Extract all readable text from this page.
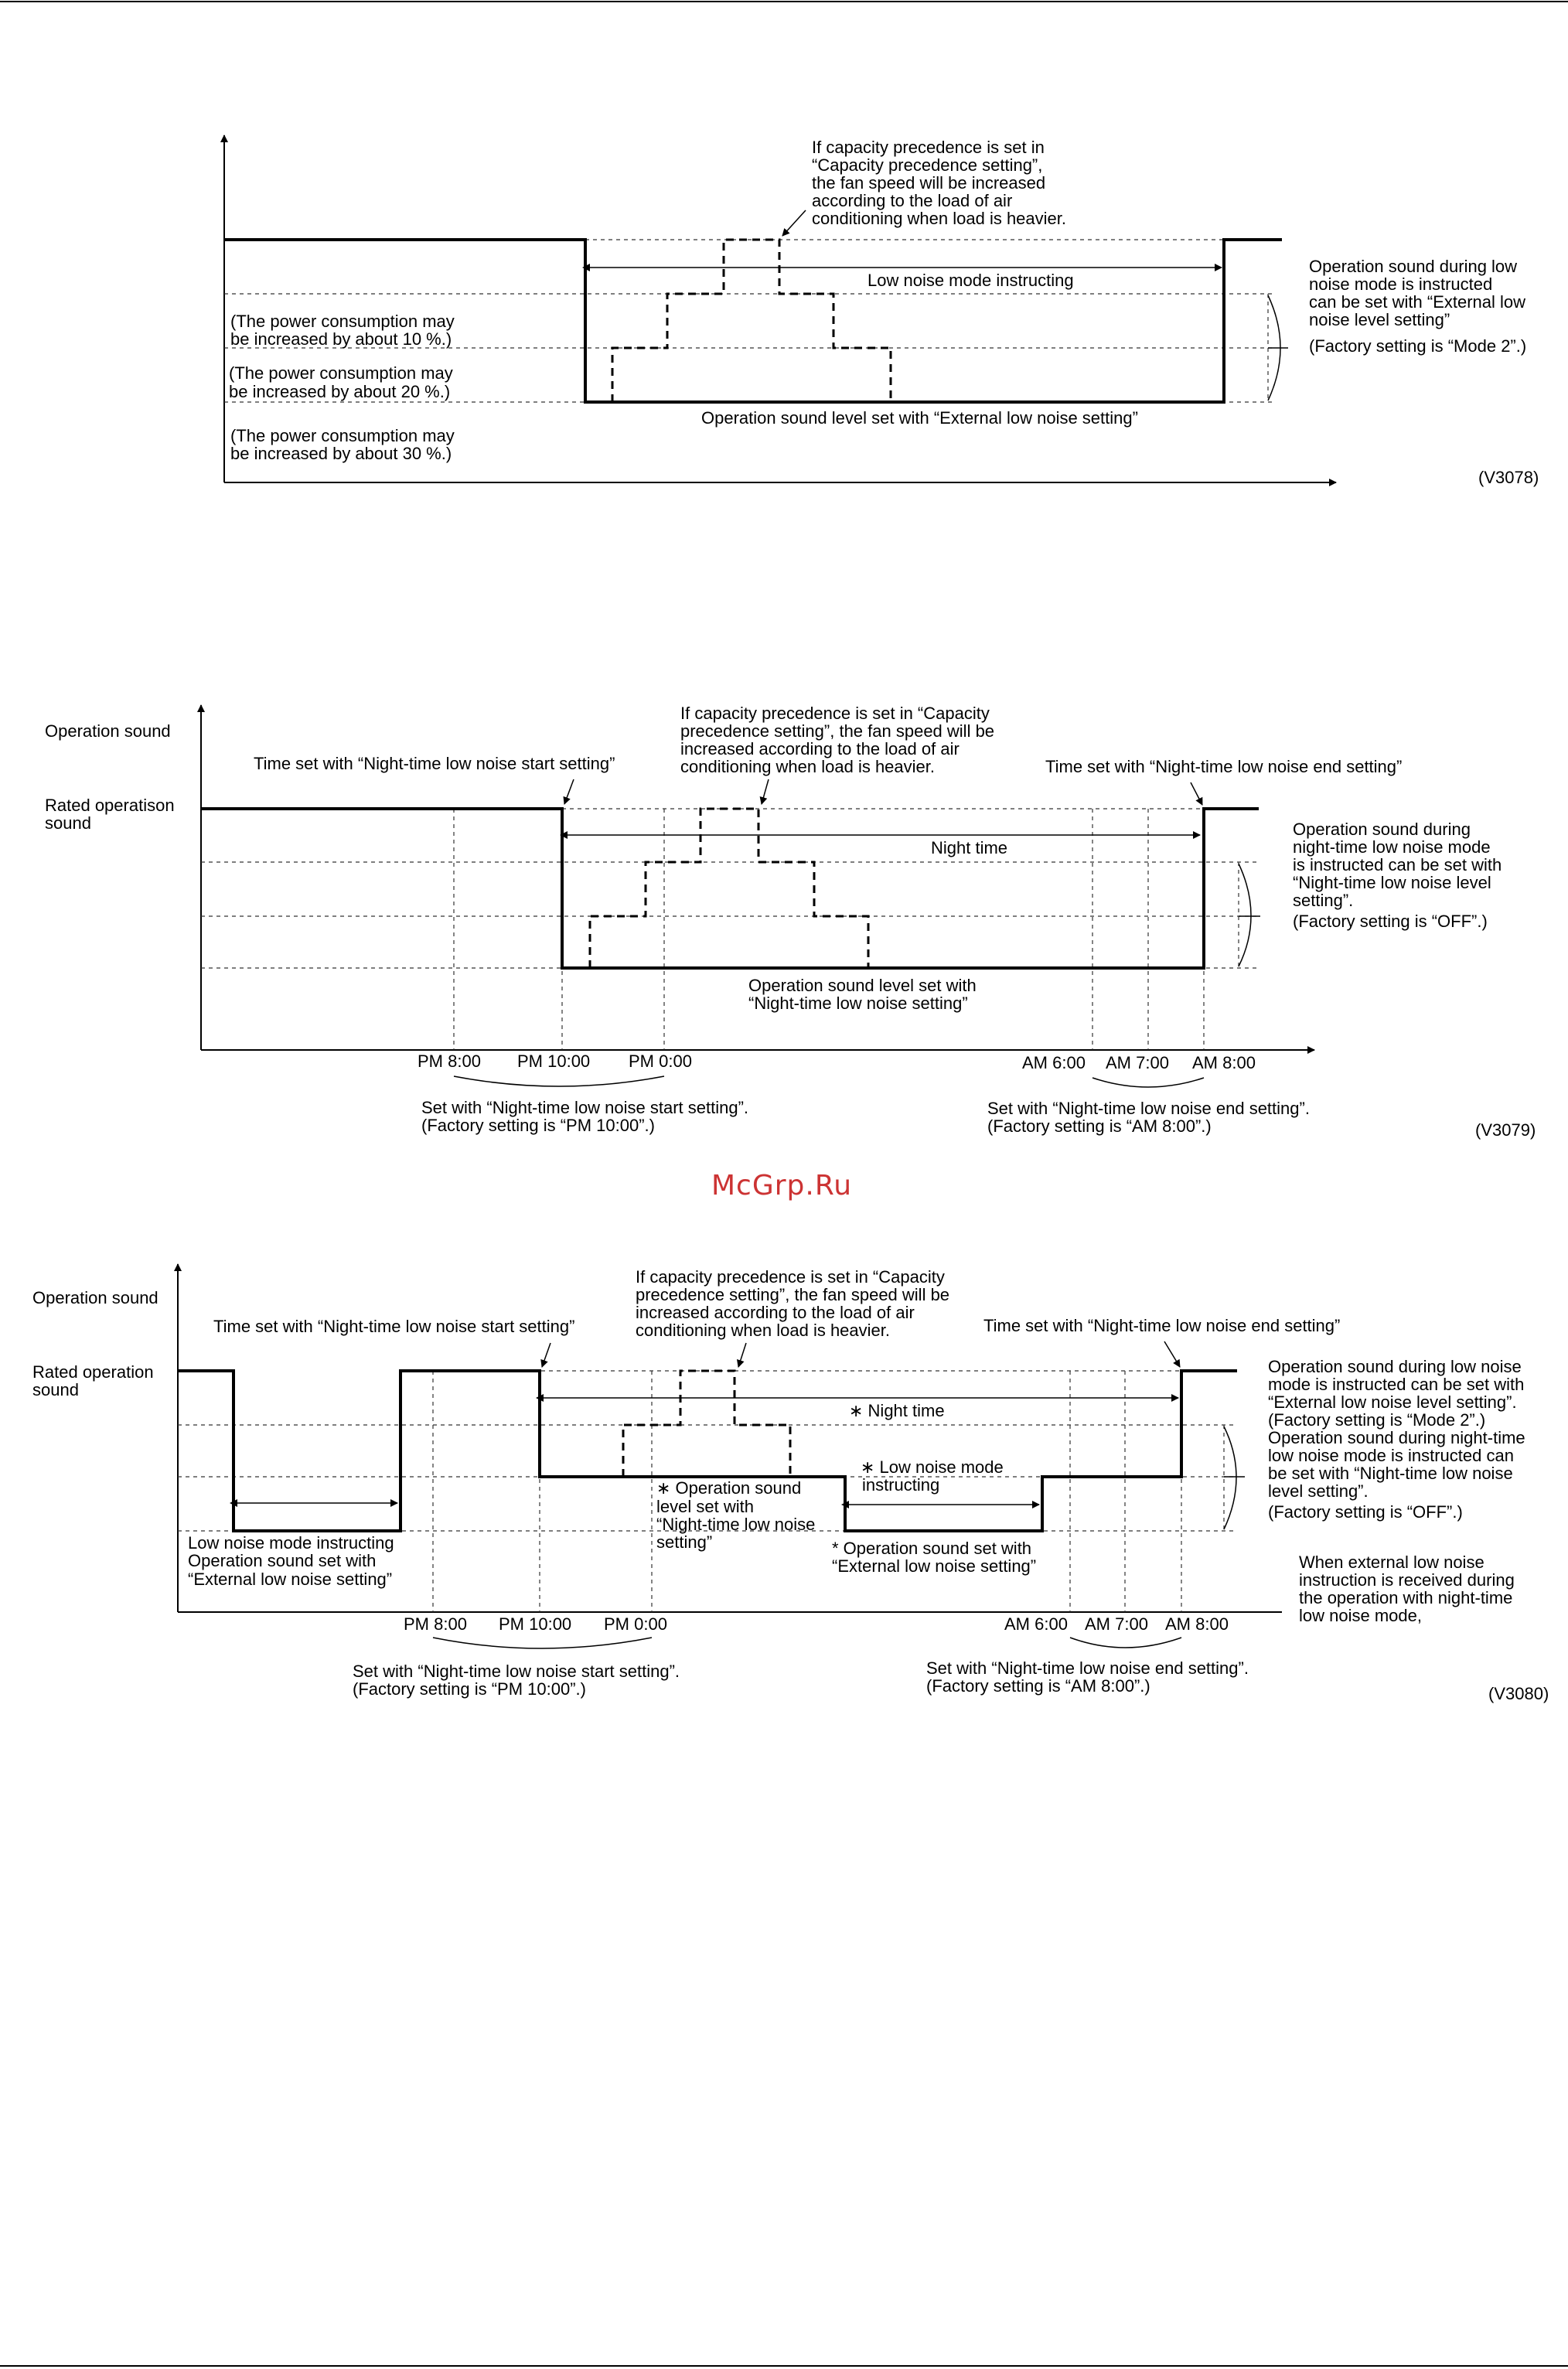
Low noise mode instructing
If capacity precedence is set in “Capacity precedence setting”, the fan speed will be increased according to the load of air conditioning when load is heavier.
(The power consumption may be increased by about 10 %.)
(The power consumption may be increased by about 20 %.)
(The power consumption may be increased by about 30 %.)
Operation sound level set with “External low noise setting”
Operation sound during low noise mode is instructed can be set with “External low noise level setting” (Factory setting is “Mode 2”.)
(V3078)
Operation sound
Rated operatison sound
Night time
Time set with “Night-time low noise start setting”	Time set with “Night-time low noise end setting”
If capacity precedence is set in “Capacity precedence setting”, the fan speed will be increased according to the load of air conditioning when load is heavier.
Operation sound during night-time low noise mode is instructed can be set with “Night-time low noise level setting”. (Factory setting is “OFF”.)
Operation sound level set with “Night-time low noise setting”
PM 8:00 PM 10:00 PM 0:00	AM 6:00 AM 7:00 AM 8:00
Set with “Night-time low noise start setting”. (Factory setting is “PM 10:00”.)
Set with “Night-time low noise end setting”. (Factory setting is “AM 8:00”.)	(V3079)
McGrp.Ru
Operation sound
Rated operation sound
∗ Night time
∗ Low noise mode instructing
Time set with “Night-time low noise start setting”	Time set with “Night-time low noise end setting”
If capacity precedence is set in “Capacity precedence setting”, the fan speed will be increased according to the load of air conditioning when load is heavier.
Low noise mode instructing Operation sound set with “External low noise setting”
∗ Operation sound level set with “Night-time low noise setting”	* Operation sound set with “External low noise setting”
Operation sound during low noise mode is instructed can be set with “External low noise level setting”. (Factory setting is “Mode 2”.) Operation sound during night-time low noise mode is instructed can be set with “Night-time low noise level setting”. (Factory setting is “OFF”.)
When external low noise instruction is received during the operation with night-time low noise mode,
PM 8:00 PM 10:00 PM 0:00	AM 6:00 AM 7:00 AM 8:00
Set with “Night-time low noise start setting”. (Factory setting is “PM 10:00”.)
Set with “Night-time low noise end setting”. (Factory setting is “AM 8:00”.)	(V3080)
